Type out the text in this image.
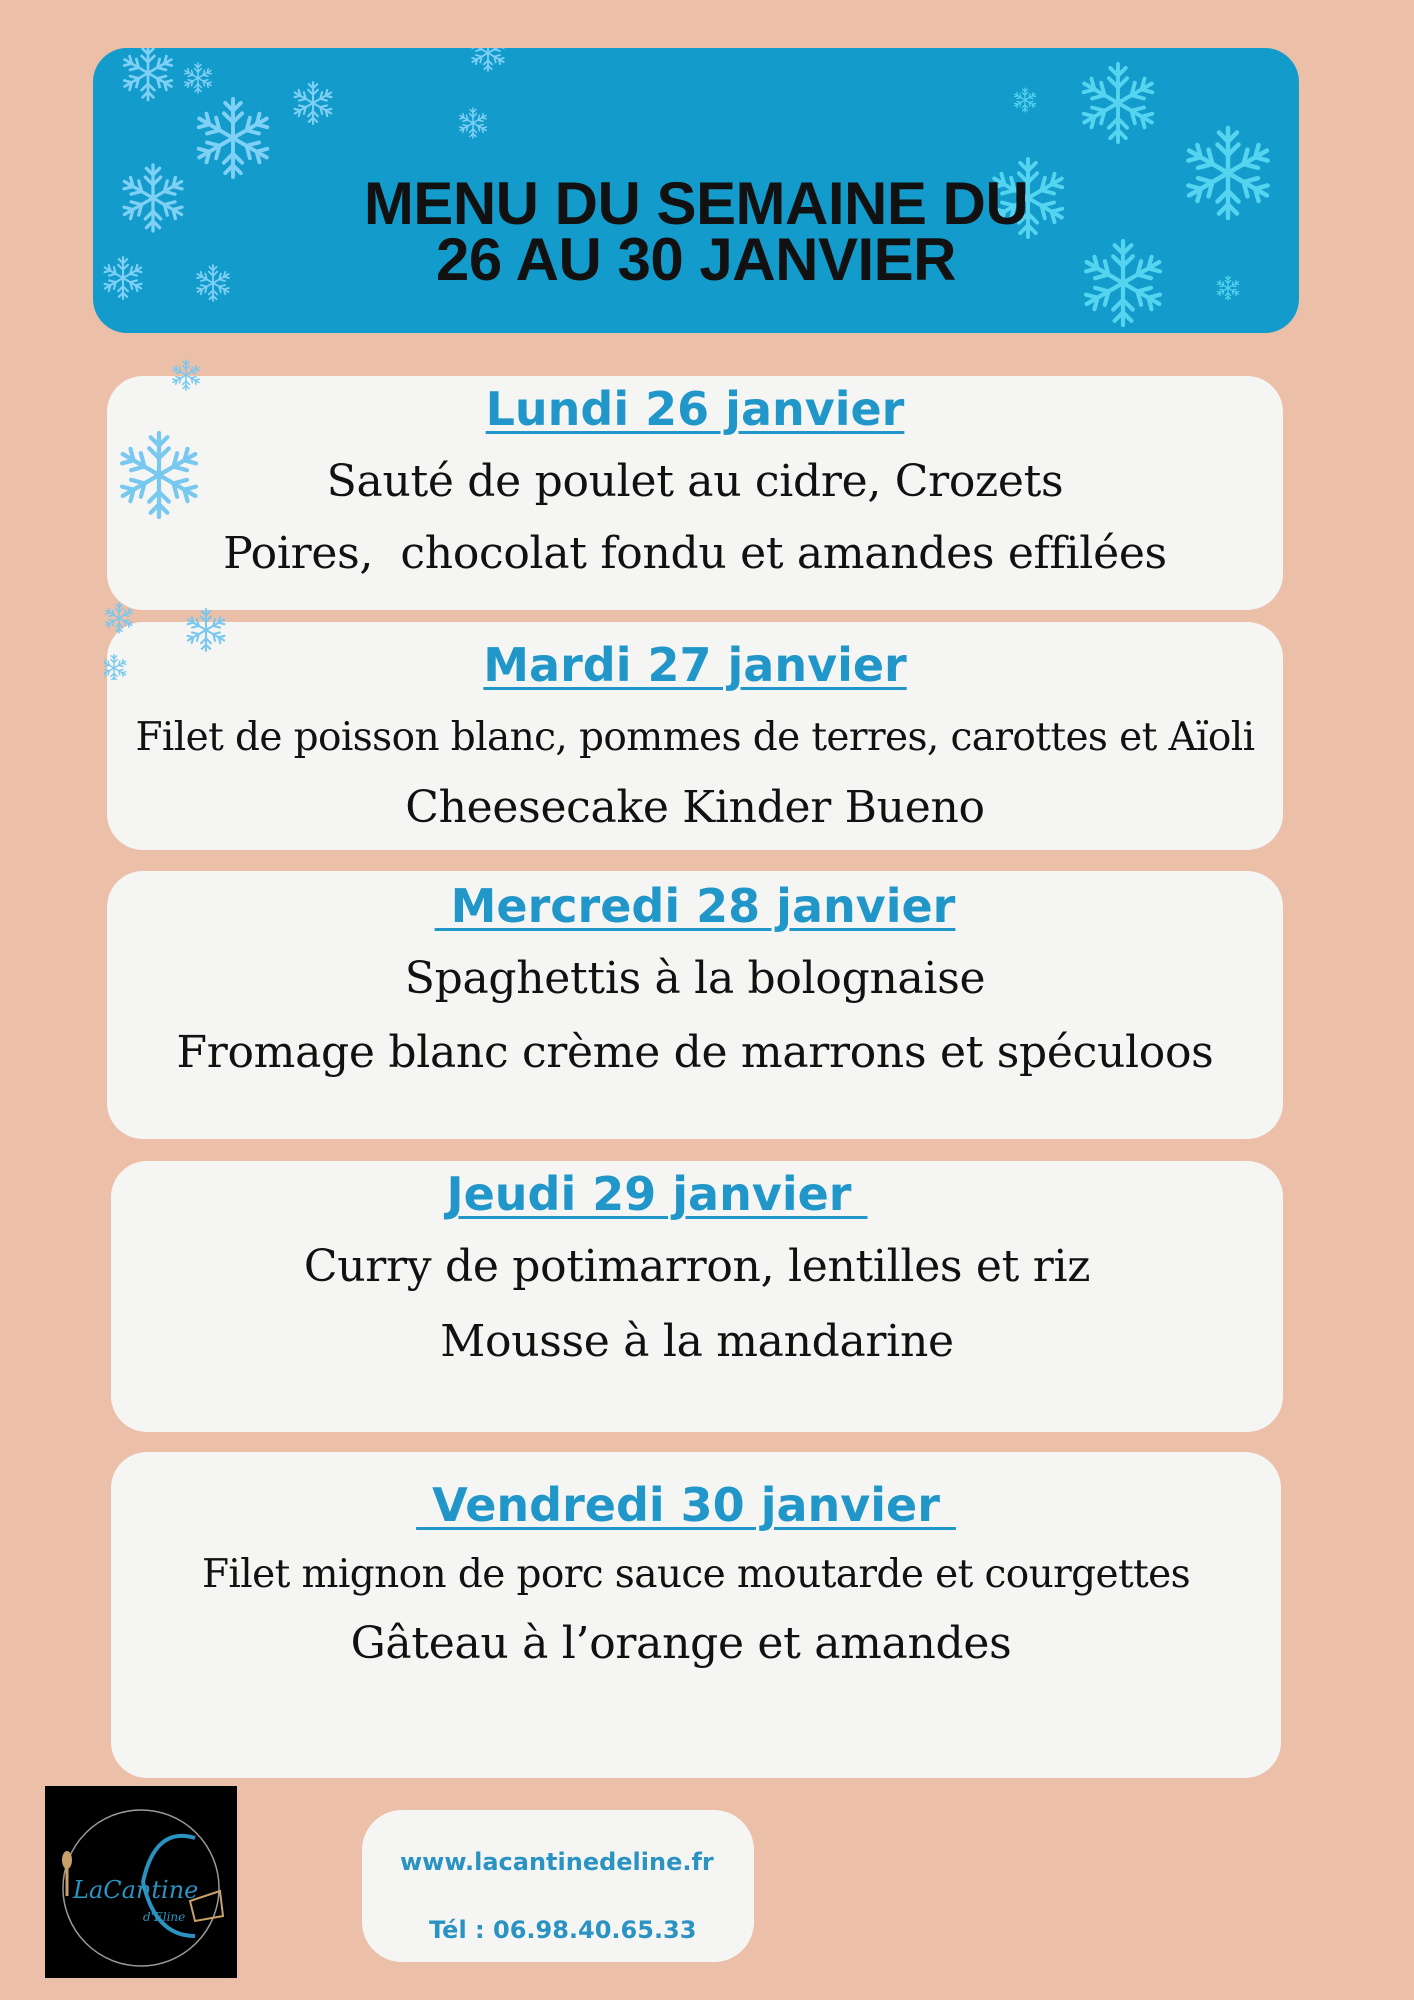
MENU DU SEMAINE DU
26 AU 30 JANVIER
Lundi 26 janvier
Sauté de poulet au cidre, Crozets
Poires,  chocolat fondu et amandes effilées
Mardi 27 janvier
Filet de poisson blanc, pommes de terres, carottes et Aïoli
Cheesecake Kinder Bueno
Mercredi 28 janvier
Spaghettis à la bolognaise
Fromage blanc crème de marrons et spéculoos
Jeudi 29 janvier
Curry de potimarron, lentilles et riz
Mousse à la mandarine
Vendredi 30 janvier
Filet mignon de porc sauce moutarde et courgettes
Gâteau à l’orange et amandes
LaCantine
d'Eline
www.lacantinedeline.fr
Tél : 06.98.40.65.33
